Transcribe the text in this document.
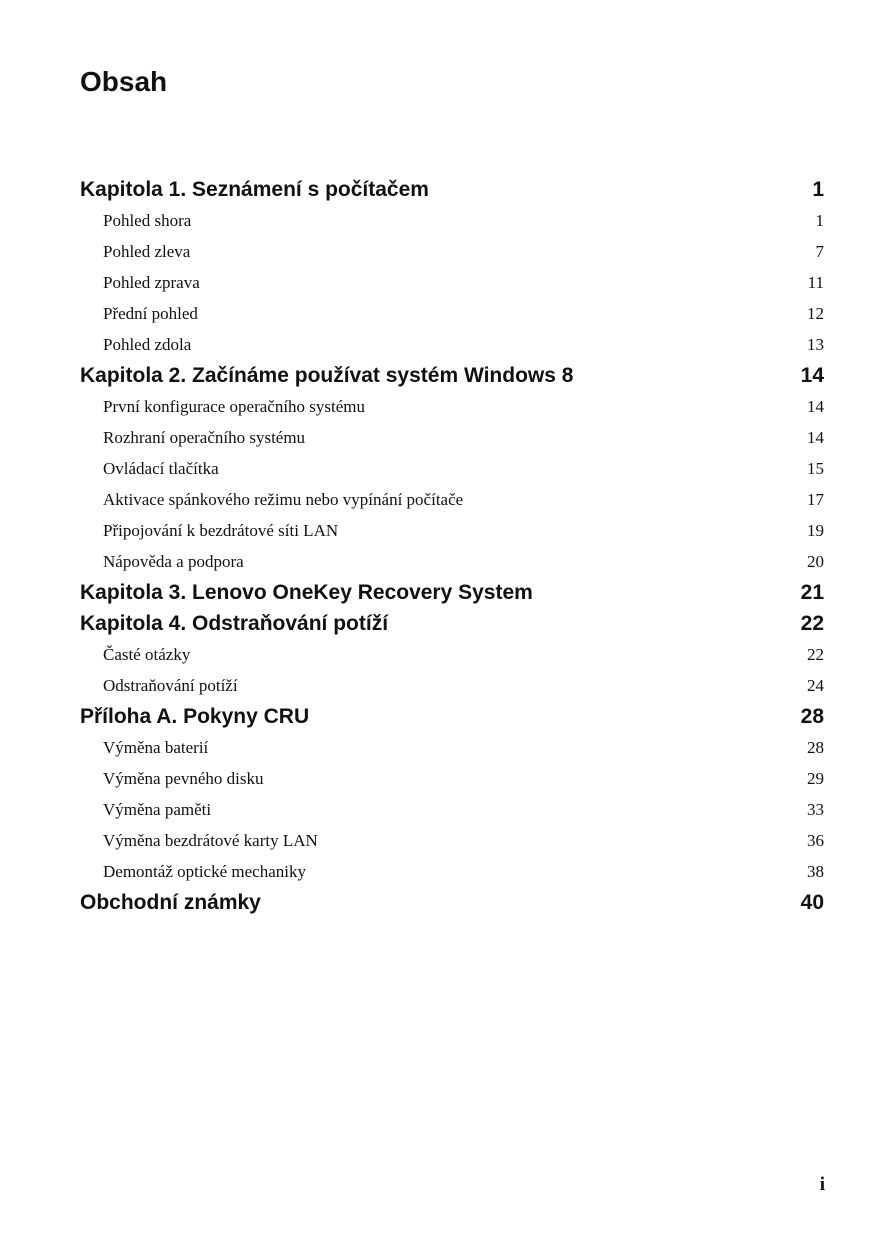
Obsah
Kapitola 1. Seznámení s počítačem	1
Pohled shora	1
Pohled zleva	7
Pohled zprava	11
Přední pohled	12
Pohled zdola	13
Kapitola 2. Začínáme používat systém Windows 8	14
První konfigurace operačního systému	14
Rozhraní operačního systému	14
Ovládací tlačítka	15
Aktivace spánkového režimu nebo vypínání počítače	17
Připojování k bezdrátové síti LAN	19
Nápověda a podpora	20
Kapitola 3. Lenovo OneKey Recovery System	21
Kapitola 4. Odstraňování potíží	22
Časté otázky	22
Odstraňování potíží	24
Příloha A. Pokyny CRU	28
Výměna baterií	28
Výměna pevného disku	29
Výměna paměti	33
Výměna bezdrátové karty LAN	36
Demontáž optické mechaniky	38
Obchodní známky	40
i
